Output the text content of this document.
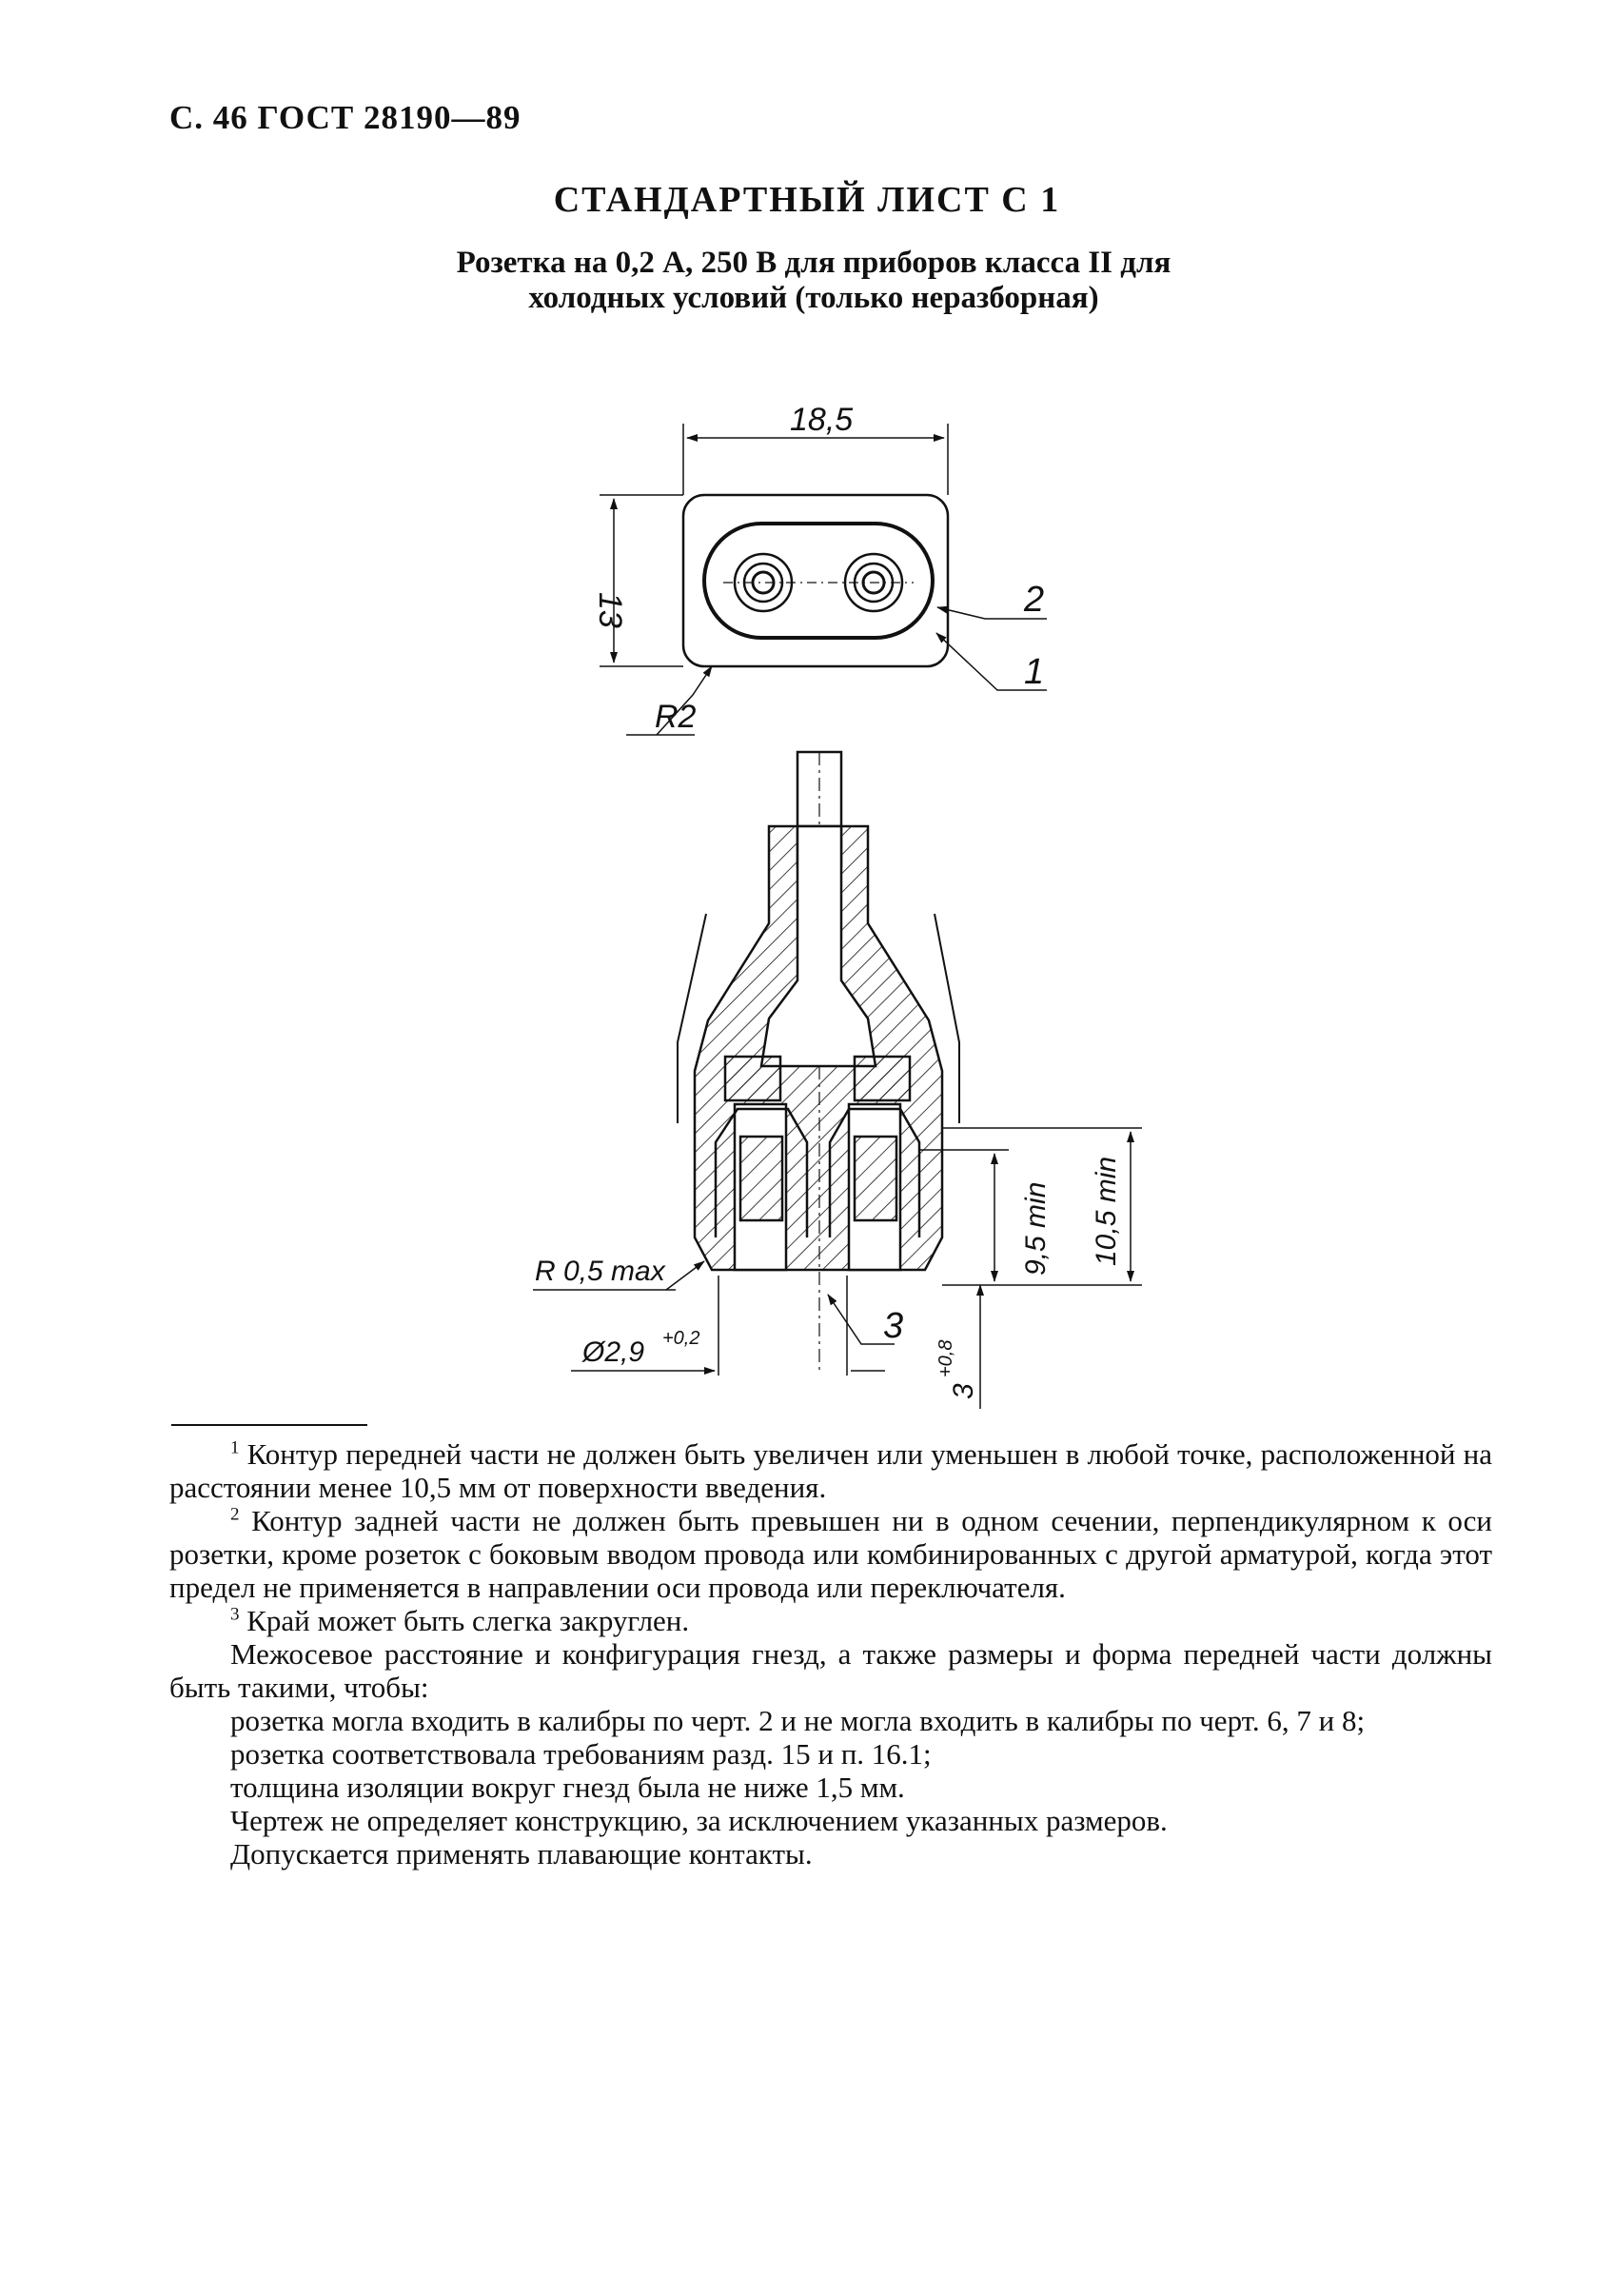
С. 46 ГОСТ 28190—89
СТАНДАРТНЫЙ ЛИСТ С 1
Розетка на 0,2 А, 250 В для приборов класса II для холодных условий (только неразборная)
18,5
13
R2
2
1
R 0,5 max	9,5 min 10,5 min
3
Ø2,9 +0,2
3
+0,8

$^1$ Контур передней части не должен быть увеличен или уменьшен в любой точке, расположенной на расстоянии менее 10,5 мм от поверхности введения.

$^2$ Контур задней части не должен быть превышен ни в одном сечении, перпендикулярном к оси розетки, кроме розеток с боковым вводом провода или комбинированных с другой арматурой, когда этот предел не применяется в направлении оси провода или переключателя.

$^3$ Край может быть слегка закруглен.

Межосевое расстояние и конфигурация гнезд, а также размеры и форма передней части должны быть такими, чтобы:

розетка могла входить в калибры по черт. 2 и не могла входить в калибры по черт. 6, 7 и 8;

розетка соответствовала требованиям разд. 15 и п. 16.1;

толщина изоляции вокруг гнезд была не ниже 1,5 мм.

Чертеж не определяет конструкцию, за исключением указанных размеров.

Допускается применять плавающие контакты.
